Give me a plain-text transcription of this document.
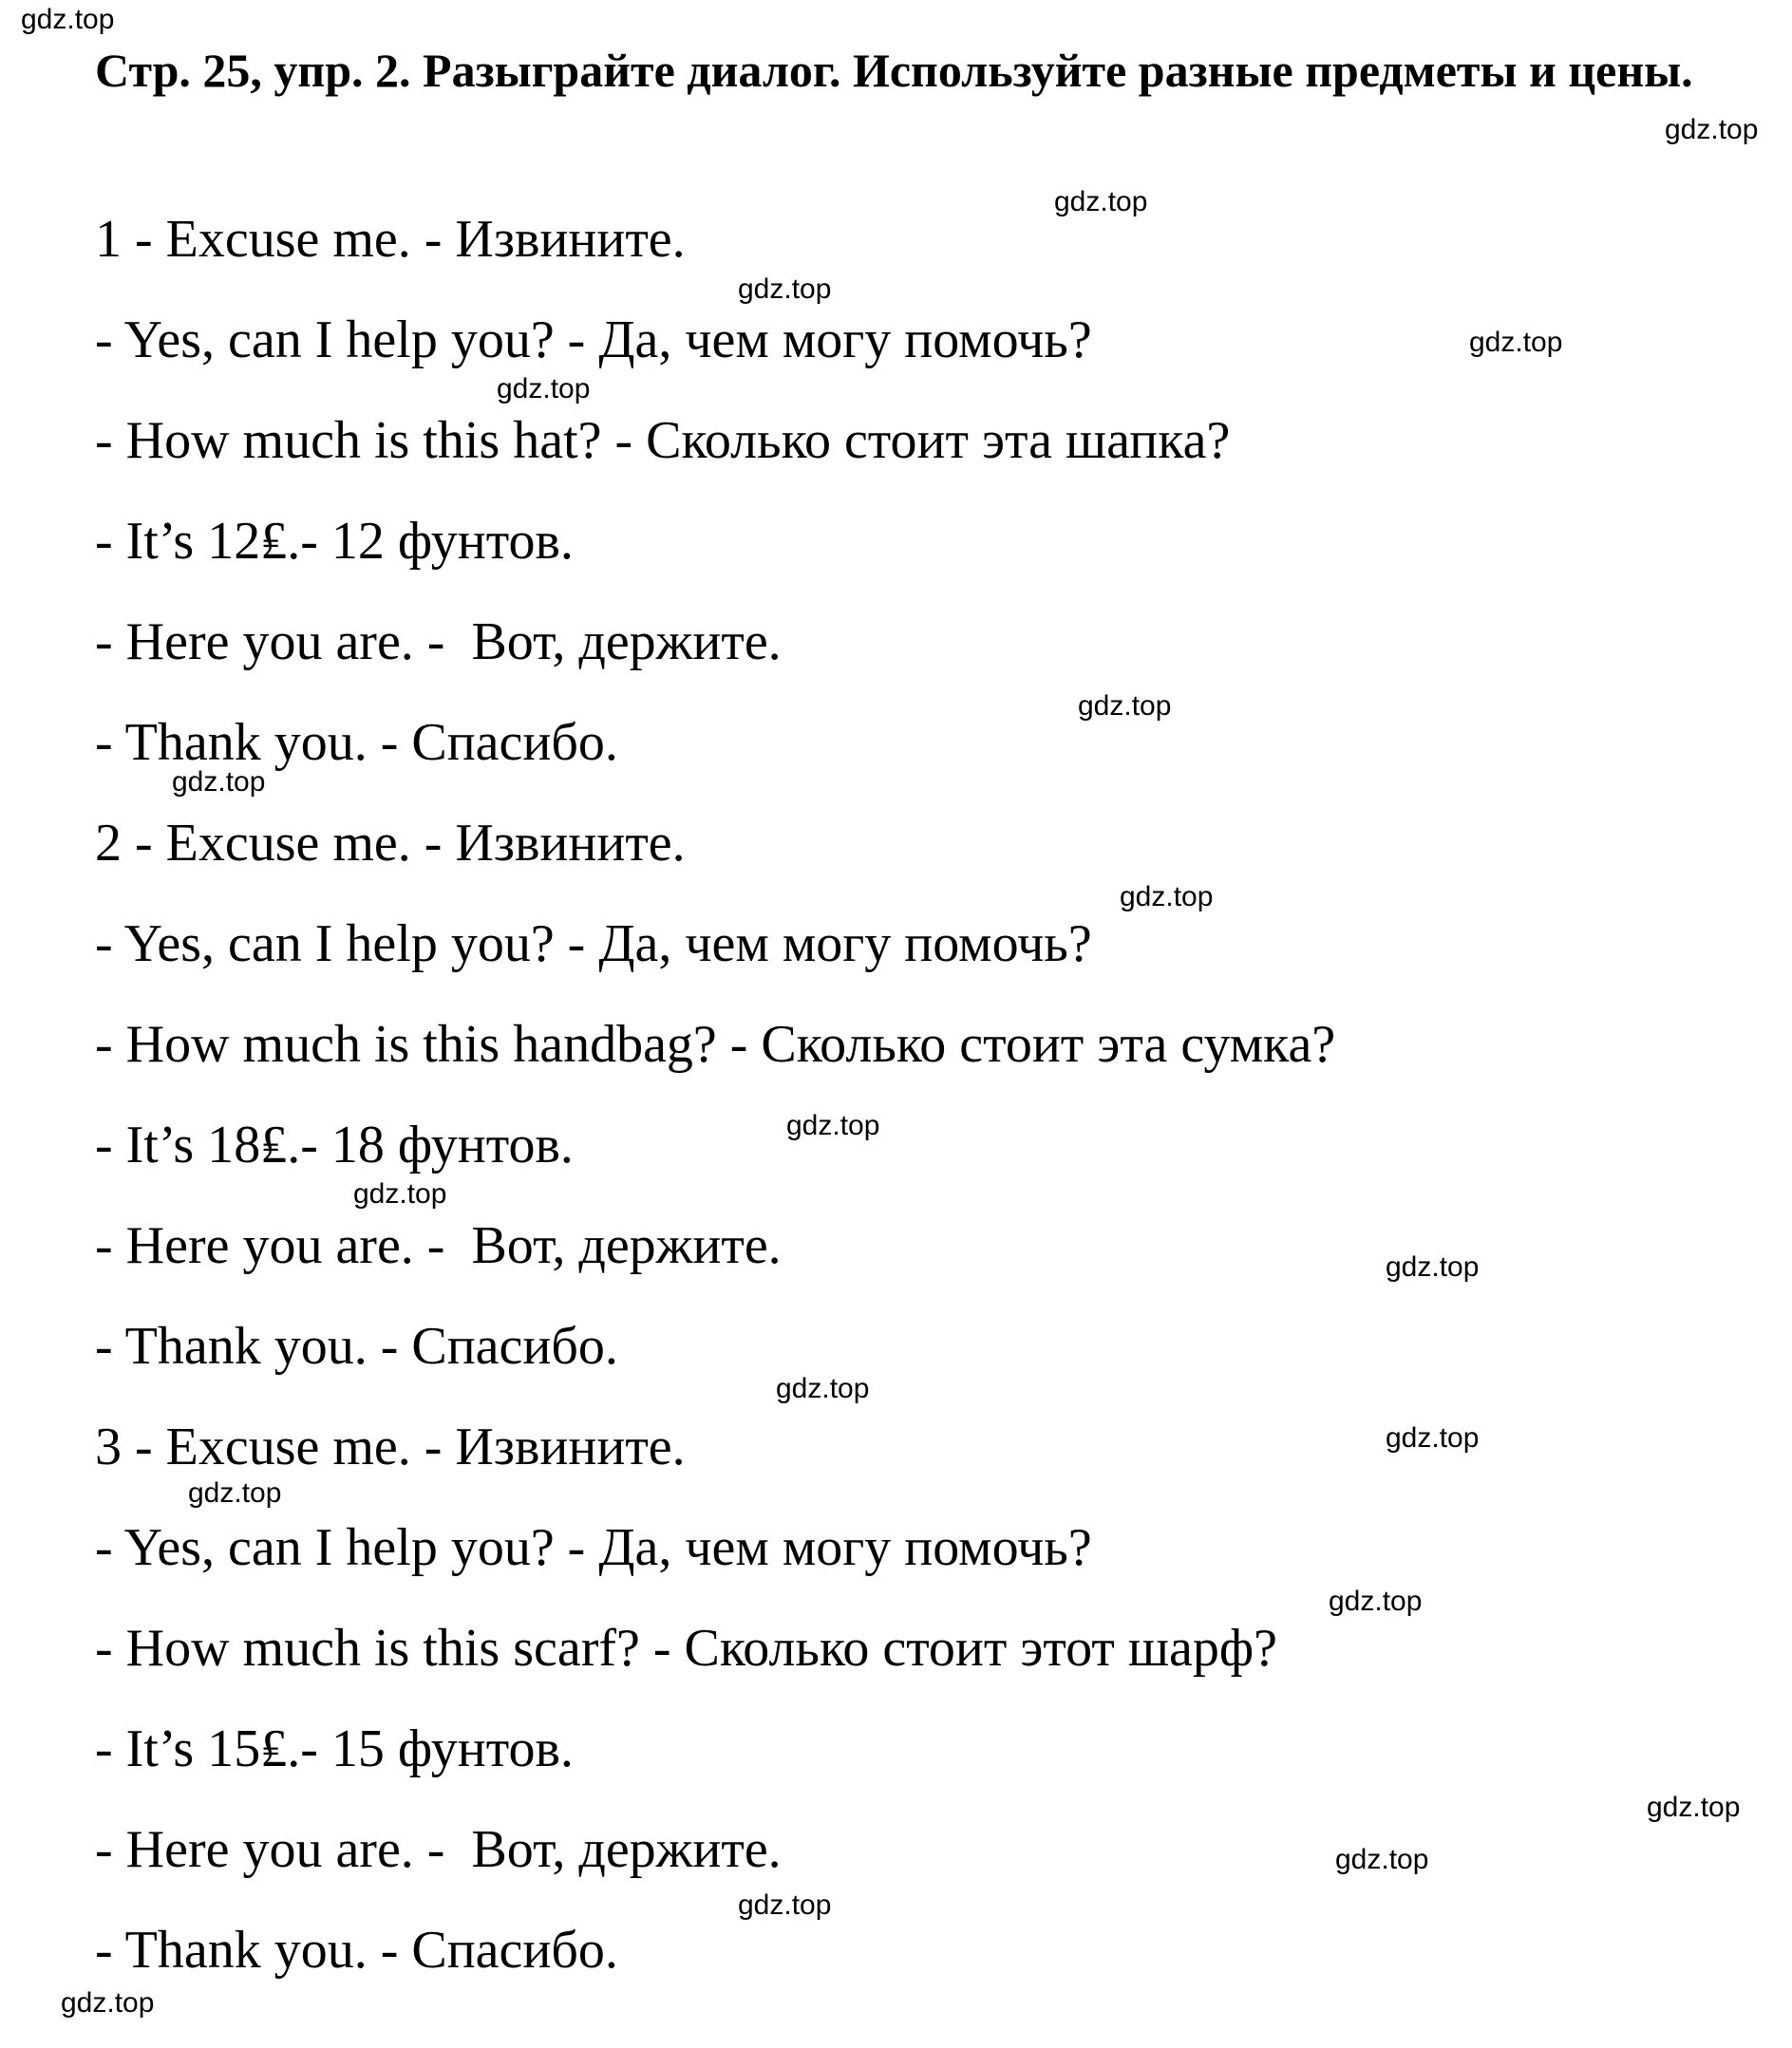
Стр. 25, упр. 2. Разыграйте диалог. Используйте разные предметы и цены.
1 - Excuse me. - Извините.
- Yes, can I help you? - Да, чем могу помочь?
- How much is this hat? - Сколько стоит эта шапка?
- It’s 12₤.- 12 фунтов.
- Here you are. -  Вот, держите.
- Thank you. - Спасибо.
2 - Excuse me. - Извините.
- Yes, can I help you? - Да, чем могу помочь?
- How much is this handbag? - Сколько стоит эта сумка?
- It’s 18₤.- 18 фунтов.
- Here you are. -  Вот, держите.
- Thank you. - Спасибо.
3 - Excuse me. - Извините.
- Yes, can I help you? - Да, чем могу помочь?
- How much is this scarf? - Сколько стоит этот шарф?
- It’s 15₤.- 15 фунтов.
- Here you are. -  Вот, держите.
- Thank you. - Спасибо.
gdz.top
gdz.top
gdz.top
gdz.top
gdz.top
gdz.top
gdz.top
gdz.top
gdz.top
gdz.top
gdz.top
gdz.top
gdz.top
gdz.top
gdz.top
gdz.top
gdz.top
gdz.top
gdz.top
gdz.top
